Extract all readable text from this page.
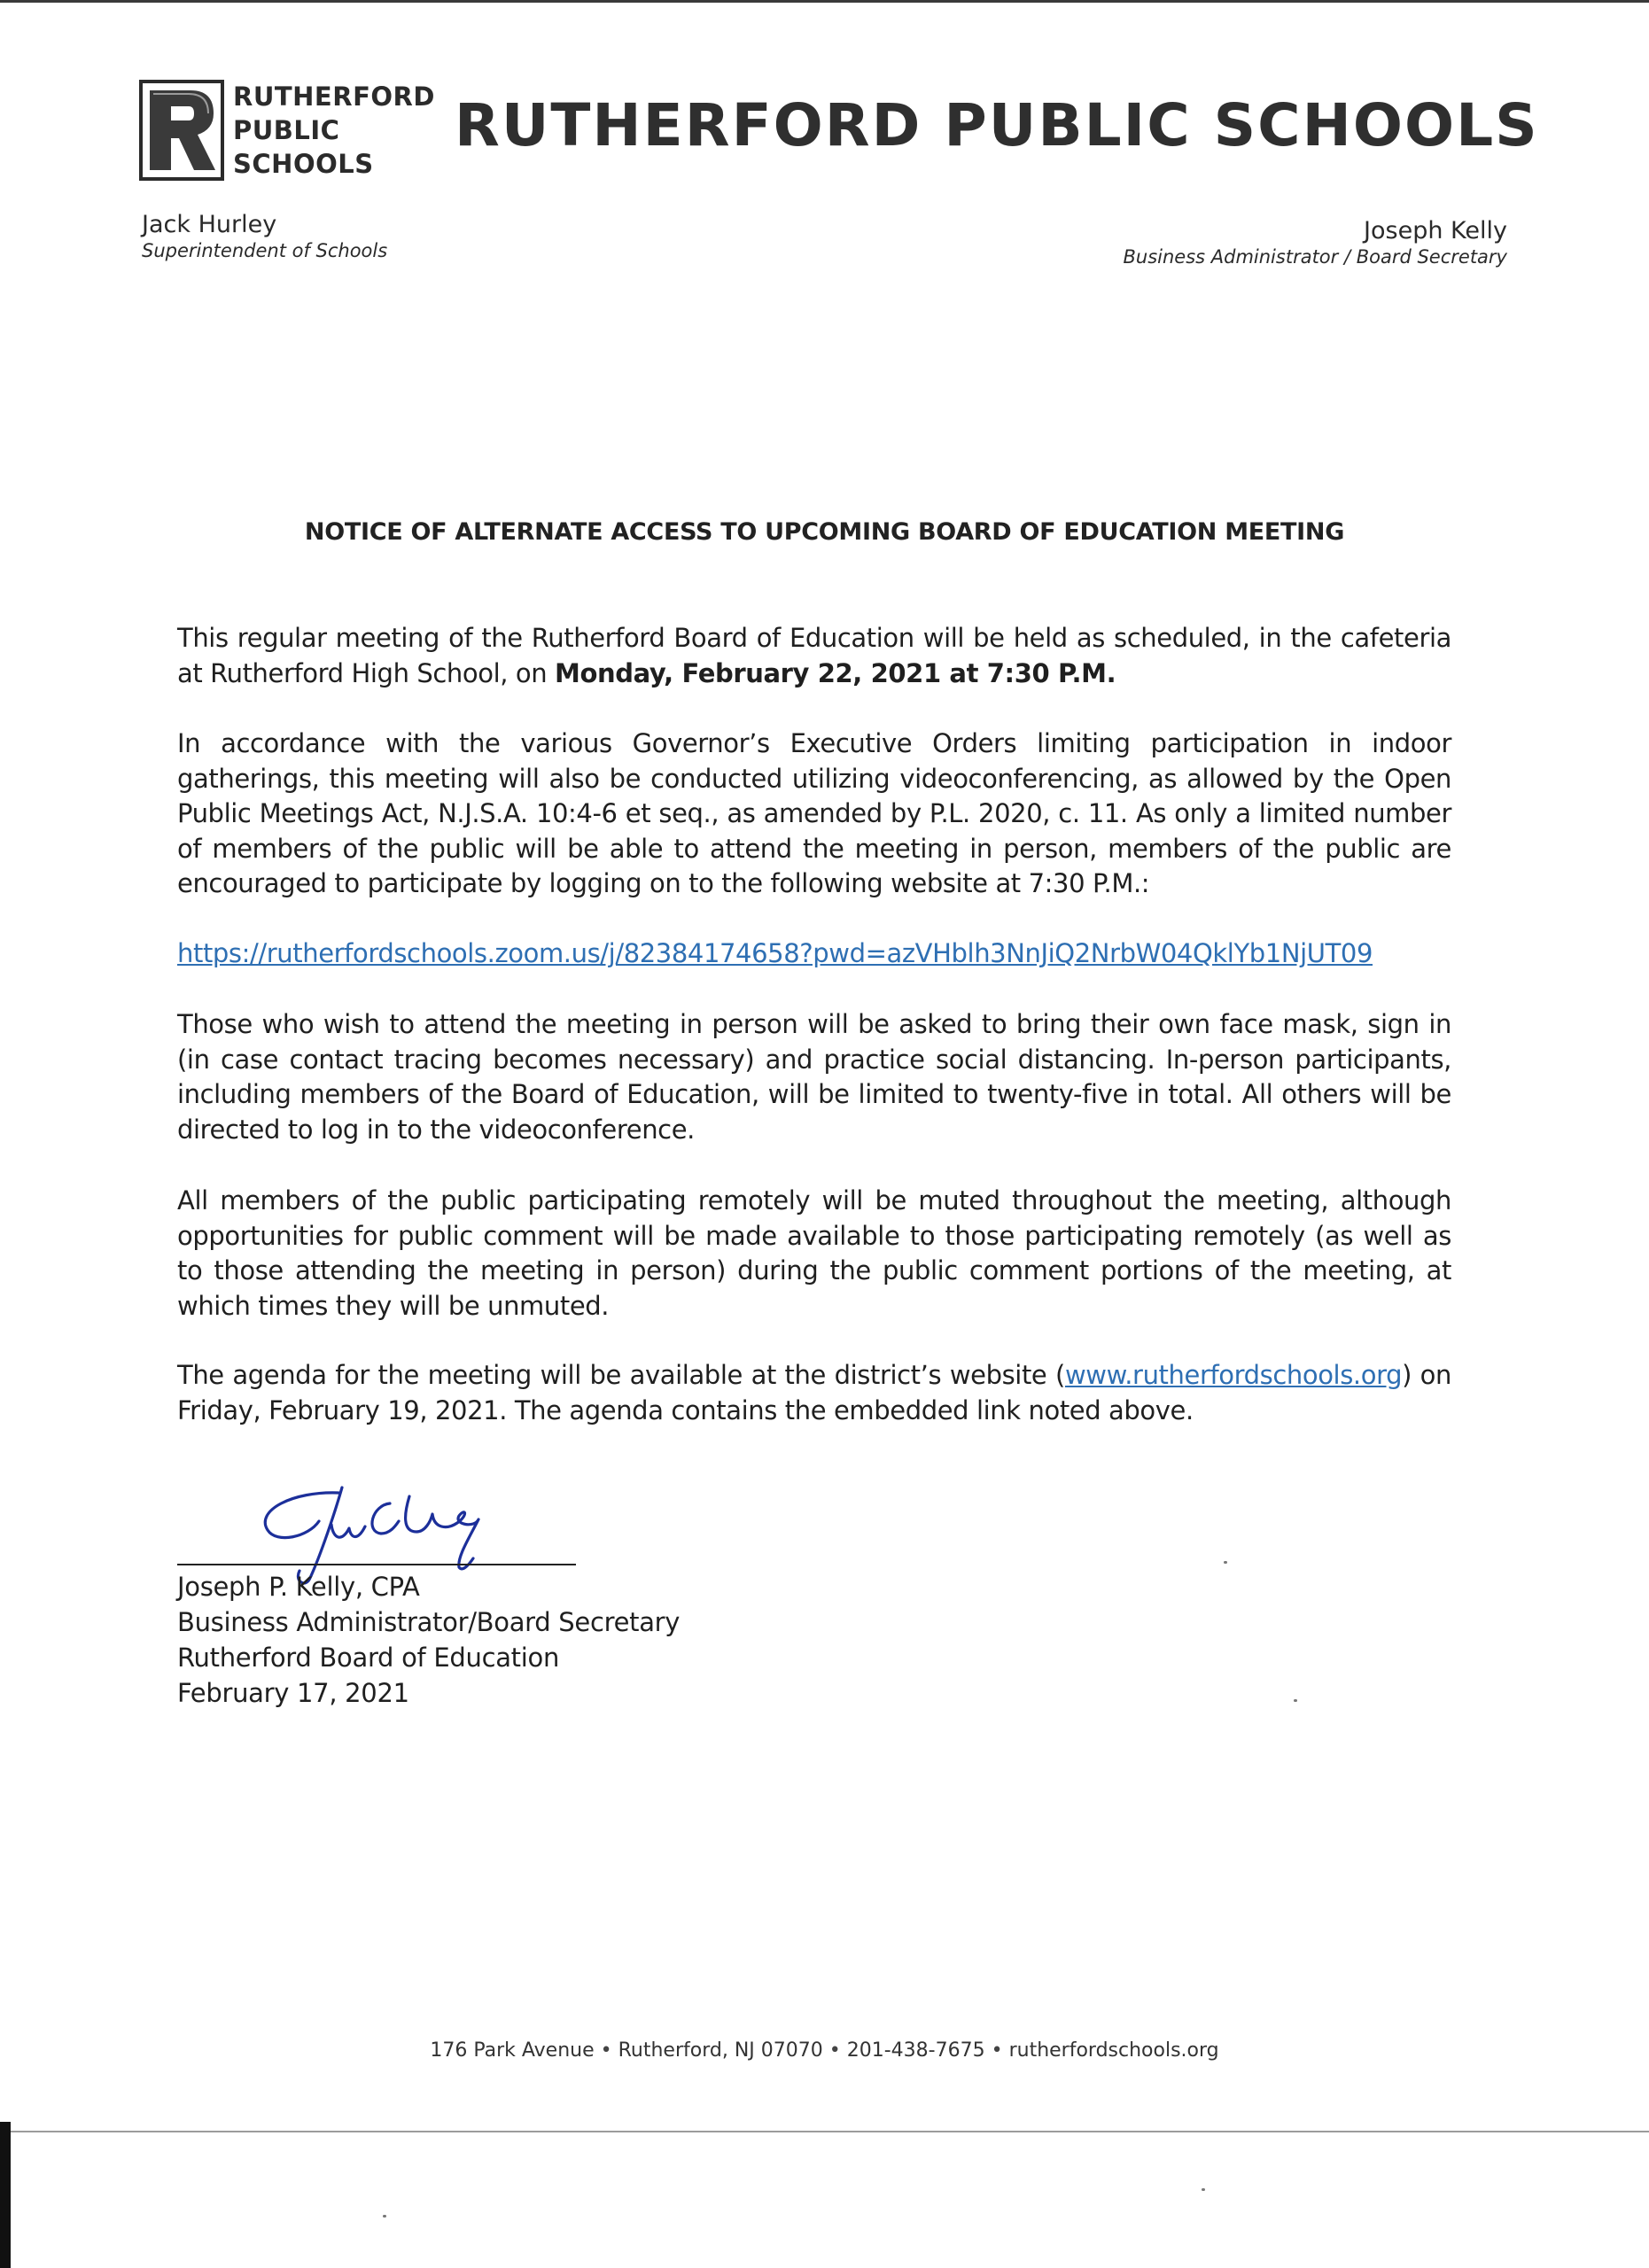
R
RUTHERFORD
PUBLIC
SCHOOLS
RUTHERFORD PUBLIC SCHOOLS
Jack Hurley
Superintendent of Schools
Joseph Kelly
Business Administrator / Board Secretary
NOTICE OF ALTERNATE ACCESS TO UPCOMING BOARD OF EDUCATION MEETING
This regular meeting of the Rutherford Board of Education will be held as scheduled, in the cafeteria at Rutherford High School, on Monday, February 22, 2021 at 7:30 P.M.
In accordance with the various Governor’s Executive Orders limiting participation in indoor gatherings, this meeting will also be conducted utilizing videoconferencing, as allowed by the Open Public Meetings Act, N.J.S.A. 10:4-6 et seq., as amended by P.L. 2020, c. 11. As only a limited number of members of the public will be able to attend the meeting in person, members of the public are encouraged to participate by logging on to the following website at 7:30 P.M.:
https://rutherfordschools.zoom.us/j/82384174658?pwd=azVHblh3NnJiQ2NrbW04QklYb1NjUT09
Those who wish to attend the meeting in person will be asked to bring their own face mask, sign in (in case contact tracing becomes necessary) and practice social distancing. In-person participants, including members of the Board of Education, will be limited to twenty-five in total. All others will be directed to log in to the videoconference.
All members of the public participating remotely will be muted throughout the meeting, although opportunities for public comment will be made available to those participating remotely (as well as to those attending the meeting in person) during the public comment portions of the meeting, at which times they will be unmuted.
The agenda for the meeting will be available at the district’s website (www.rutherfordschools.org) on Friday, February 19, 2021. The agenda contains the embedded link noted above.
Joseph P. Kelly, CPA
Business Administrator/Board Secretary
Rutherford Board of Education
February 17, 2021
176 Park Avenue • Rutherford, NJ 07070 • 201-438-7675 • rutherfordschools.org
